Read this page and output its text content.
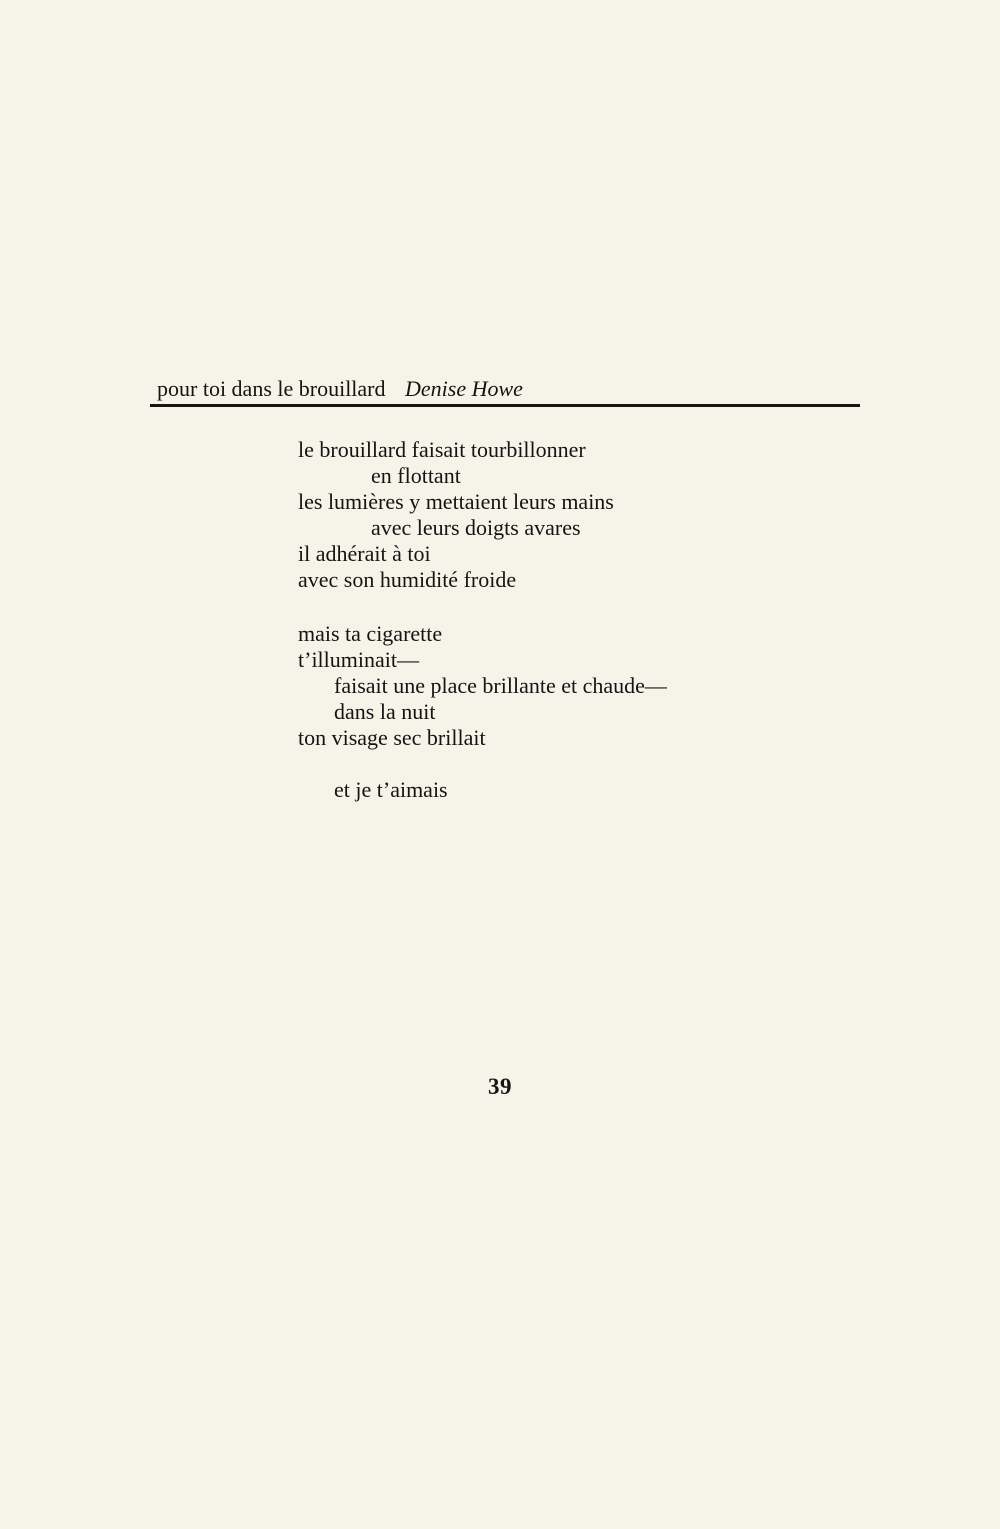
pour toi dans le brouillard Denise Howe
le brouillard faisait tourbillonner
en flottant
les lumières y mettaient leurs mains
avec leurs doigts avares
il adhérait à toi
avec son humidité froide
mais ta cigarette
t’illuminait—
faisait une place brillante et chaude—
dans la nuit
ton visage sec brillait
et je t’aimais
39
